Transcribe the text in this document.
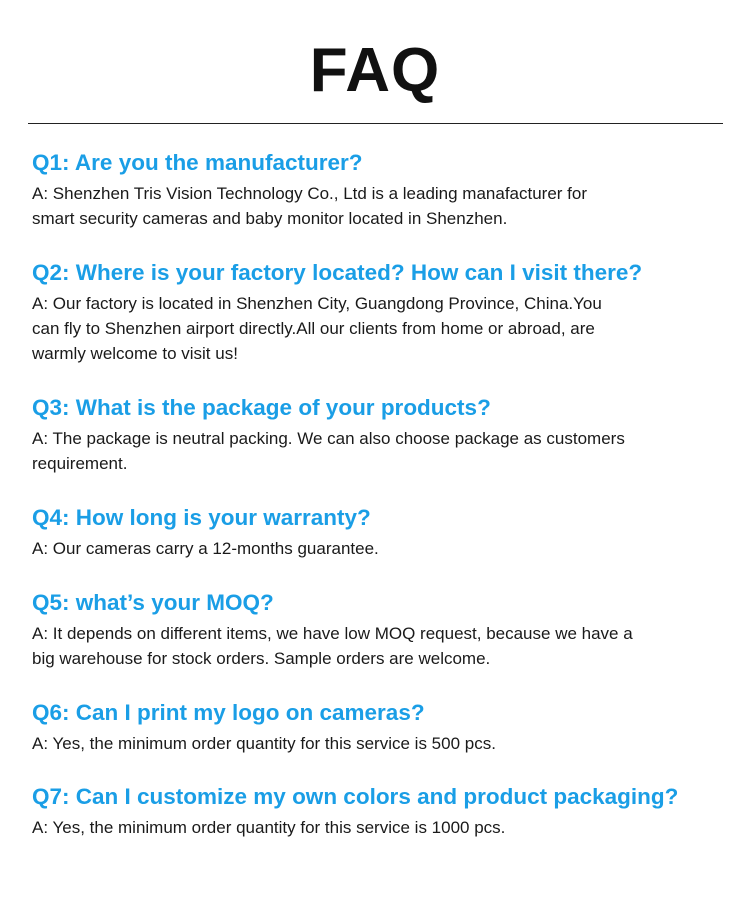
FAQ

Q1: Are you the manufacturer?

A: Shenzhen Tris Vision Technology Co., Ltd is a leading manafacturer for
smart security cameras and baby monitor located in Shenzhen.

Q2: Where is your factory located? How can I visit there?

A: Our factory is located in Shenzhen City, Guangdong Province, China.You
can fly to Shenzhen airport directly.All our clients from home or abroad, are
warmly welcome to visit us!

Q3: What is the package of your products?

A: The package is neutral packing. We can also choose package as customers
requirement.

Q4: How long is your warranty?

A: Our cameras carry a 12-months guarantee.

Q5: what’s your MOQ?

A: It depends on different items, we have low MOQ request, because we have a
big warehouse for stock orders. Sample orders are welcome.

Q6: Can I print my logo on cameras?

A: Yes, the minimum order quantity for this service is 500 pcs.

Q7: Can I customize my own colors and product packaging?

A: Yes, the minimum order quantity for this service is 1000 pcs.
